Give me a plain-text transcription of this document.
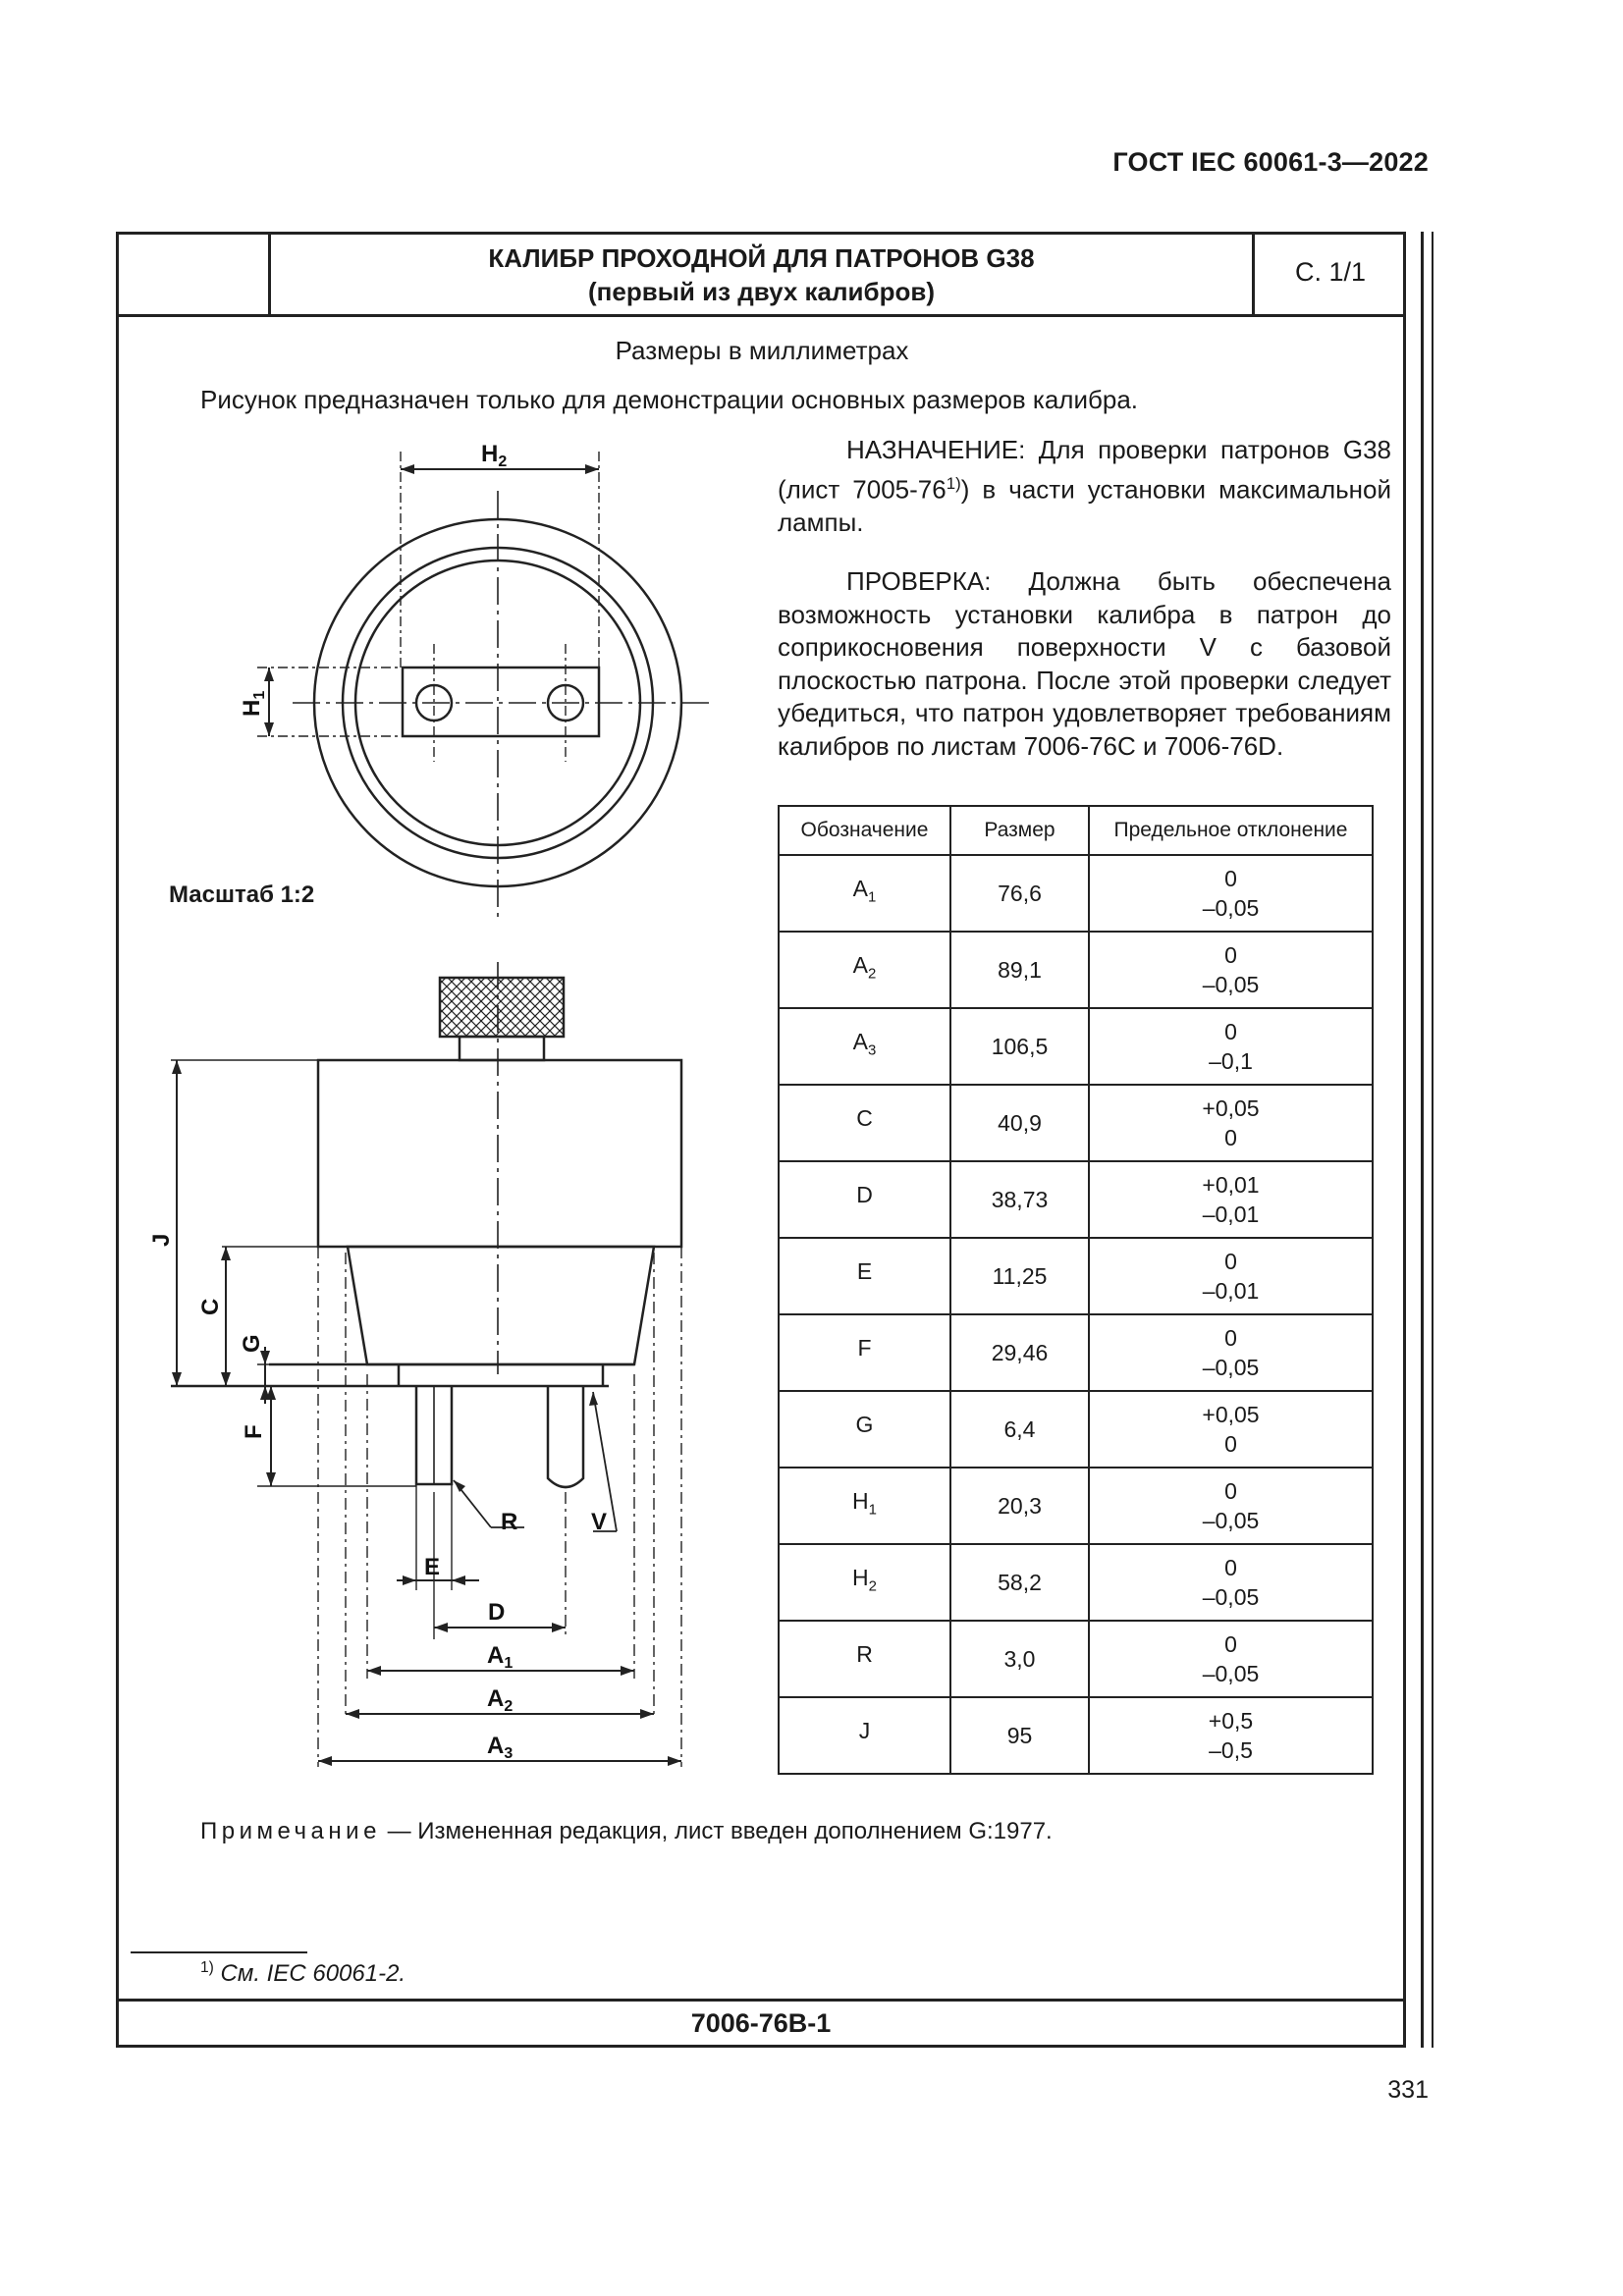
ГОСТ IEC 60061-3—2022
КАЛИБР ПРОХОДНОЙ ДЛЯ ПАТРОНОВ G38
(первый из двух калибров)
С. 1/1
Размеры в миллиметрах
Рисунок предназначен только для демонстрации основных размеров калибра.

НАЗНАЧЕНИЕ: Для проверки патронов G38 (лист 7005-76$^{1)}$) в части установки максимальной лампы.

ПРОВЕРКА: Должна быть обеспечена возможность установки калибра в патрон до соприкосновения поверхности V с базовой плоскостью патрона. После этой проверки следует убедиться, что патрон удовлетворяет требованиям калибров по листам 7006-76C и 7006-76D.

Масштаб 1:2
$H_2$
$H_1$
J
C
G
F
R	V
E
D
$A_1$
$A_2$
$A_3$
Обозначение	Размер	Предельное отклонение
$A_1$	76,6	0
–0,05

$A_2$	89,1	0
–0,05

$A_3$	106,5	0
–0,1

C	40,9	+0,05
0

D	38,73	+0,01
–0,01

E	11,25	0
–0,01

F	29,46	0
–0,05

G	6,4	+0,05
0

$H_1$	20,3	0
–0,05

$H_2$	58,2	0
–0,05

R	3,0	0
–0,05

J	95	+0,5
–0,5
Примечание — Измененная редакция, лист введен дополнением G:1977.
$^{1)}$ См. IEC 60061-2.
7006-76B-1
331
